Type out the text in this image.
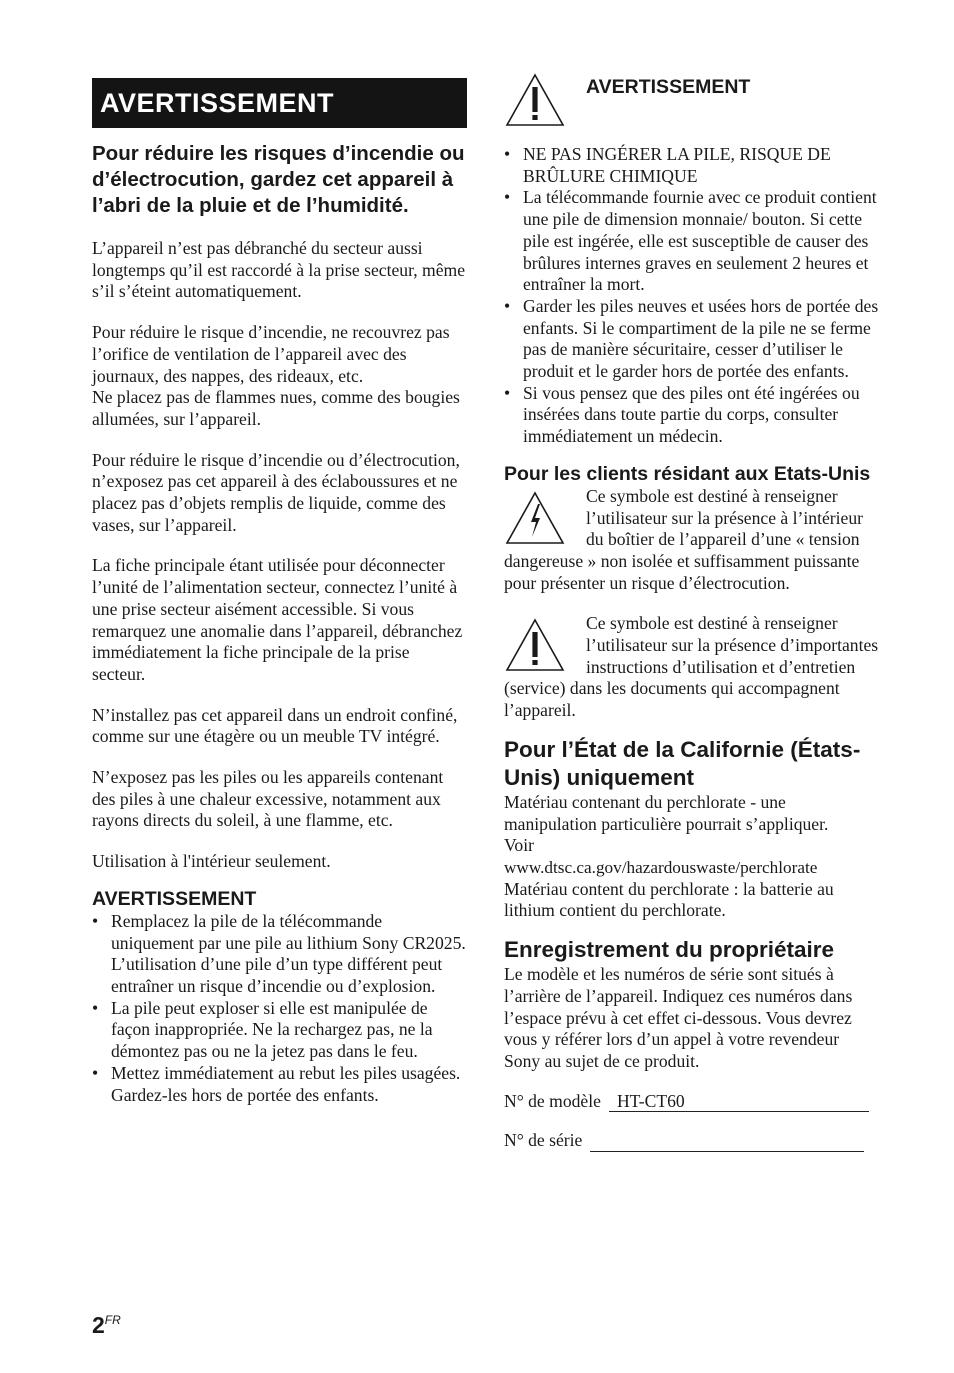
AVERTISSEMENT
Pour réduire les risques d’incendie ou d’électrocution, gardez cet appareil à l’abri de la pluie et de l’humidité.

L’appareil n’est pas débranché du secteur aussi longtemps qu’il est raccordé à la prise secteur, même s’il s’éteint automatiquement.

Pour réduire le risque d’incendie, ne recouvrez pas l’orifice de ventilation de l’appareil avec des journaux, des nappes, des rideaux, etc.

Ne placez pas de flammes nues, comme des bougies allumées, sur l’appareil.

Pour réduire le risque d’incendie ou d’électrocution, n’exposez pas cet appareil à des éclaboussures et ne placez pas d’objets remplis de liquide, comme des vases, sur l’appareil.

La fiche principale étant utilisée pour déconnecter l’unité de l’alimentation secteur, connectez l’unité à une prise secteur aisément accessible. Si vous remarquez une anomalie dans l’appareil, débranchez immédiatement la fiche principale de la prise secteur.

N’installez pas cet appareil dans un endroit confiné, comme sur une étagère ou un meuble TV intégré.

N’exposez pas les piles ou les appareils contenant des piles à une chaleur excessive, notamment aux rayons directs du soleil, à une flamme, etc.

Utilisation à l'intérieur seulement.

AVERTISSEMENT
• Remplacez la pile de la télécommande uniquement par une pile au lithium Sony CR2025. L’utilisation d’une pile d’un type différent peut entraîner un risque d’incendie ou d’explosion.
• La pile peut exploser si elle est manipulée de façon inappropriée. Ne la rechargez pas, ne la démontez pas ou ne la jetez pas dans le feu.
• Mettez immédiatement au rebut les piles usagées. Gardez-les hors de portée des enfants.
AVERTISSEMENT
• NE PAS INGÉRER LA PILE, RISQUE DE BRÛLURE CHIMIQUE
• La télécommande fournie avec ce produit contient une pile de dimension monnaie/ bouton. Si cette pile est ingérée, elle est susceptible de causer des brûlures internes graves en seulement 2 heures et entraîner la mort.
• Garder les piles neuves et usées hors de portée des enfants. Si le compartiment de la pile ne se ferme pas de manière sécuritaire, cesser d’utiliser le produit et le garder hors de portée des enfants.
• Si vous pensez que des piles ont été ingérées ou insérées dans toute partie du corps, consulter immédiatement un médecin.
Pour les clients résidant aux Etats-Unis

Ce symbole est destiné à renseigner l’utilisateur sur la présence à l’intérieur du boîtier de l’appareil d’une « tension dangereuse » non isolée et suffisamment puissante pour présenter un risque d’électrocution.

Ce symbole est destiné à renseigner l’utilisateur sur la présence d’importantes instructions d’utilisation et d’entretien (service) dans les documents qui accompagnent l’appareil.

Pour l’État de la Californie (États-Unis) uniquement

Matériau contenant du perchlorate - une manipulation particulière pourrait s’appliquer.

Voir

www.dtsc.ca.gov/hazardouswaste/perchlorate

Matériau content du perchlorate : la batterie au lithium contient du perchlorate.

Enregistrement du propriétaire

Le modèle et les numéros de série sont situés à l’arrière de l’appareil. Indiquez ces numéros dans l’espace prévu à cet effet ci-dessous. Vous devrez vous y référer lors d’un appel à votre revendeur Sony au sujet de ce produit.

N° de modèle HT-CT60
N° de série
$2^{FR}$
